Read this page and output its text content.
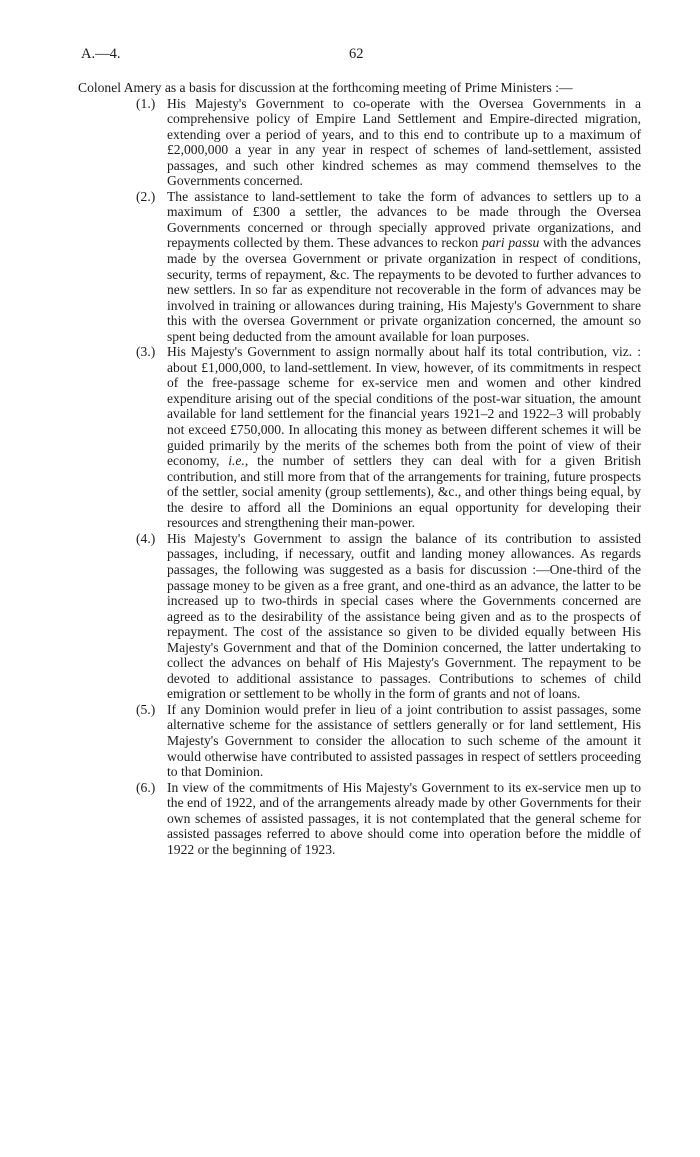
A.—4.	62

Colonel Amery as a basis for discussion at the forthcoming meeting of Prime Ministers :—

(1.) His Majesty's Government to co-operate with the Oversea Governments in a comprehensive policy of Empire Land Settlement and Empire-directed migration, extending over a period of years, and to this end to contribute up to a maximum of £2,000,000 a year in any year in respect of schemes of land-settlement, assisted passages, and such other kindred schemes as may commend themselves to the Governments concerned.
(2.) The assistance to land-settlement to take the form of advances to settlers up to a maximum of £300 a settler, the advances to be made through the Oversea Governments concerned or through specially approved private organizations, and repayments collected by them. These advances to reckon pari passu with the advances made by the oversea Government or private organization in respect of conditions, security, terms of repayment, &c. The repayments to be devoted to further advances to new settlers. In so far as expenditure not recoverable in the form of advances may be involved in training or allowances during training, His Majesty's Government to share this with the oversea Government or private organization concerned, the amount so spent being deducted from the amount available for loan purposes.
(3.) His Majesty's Government to assign normally about half its total contribution, viz. : about £1,000,000, to land-settlement. In view, however, of its commitments in respect of the free-passage scheme for ex-service men and women and other kindred expenditure arising out of the special conditions of the post-war situation, the amount available for land settlement for the financial years 1921–2 and 1922–3 will probably not exceed £750,000. In allocating this money as between different schemes it will be guided primarily by the merits of the schemes both from the point of view of their economy, i.e., the number of settlers they can deal with for a given British contribution, and still more from that of the arrangements for training, future prospects of the settler, social amenity (group settlements), &c., and other things being equal, by the desire to afford all the Dominions an equal opportunity for developing their resources and strengthening their man-power.
(4.) His Majesty's Government to assign the balance of its contribution to assisted passages, including, if necessary, outfit and landing money allowances. As regards passages, the following was suggested as a basis for discussion :—One-third of the passage money to be given as a free grant, and one-third as an advance, the latter to be increased up to two-thirds in special cases where the Governments concerned are agreed as to the desirability of the assistance being given and as to the prospects of repayment. The cost of the assistance so given to be divided equally between His Majesty's Government and that of the Dominion concerned, the latter undertaking to collect the advances on behalf of His Majesty's Government. The repayment to be devoted to additional assistance to passages. Contributions to schemes of child emigration or settlement to be wholly in the form of grants and not of loans.
(5.) If any Dominion would prefer in lieu of a joint contribution to assist passages, some alternative scheme for the assistance of settlers generally or for land settlement, His Majesty's Government to consider the allocation to such scheme of the amount it would otherwise have contributed to assisted passages in respect of settlers proceeding to that Dominion.
(6.) In view of the commitments of His Majesty's Government to its ex-service men up to the end of 1922, and of the arrangements already made by other Governments for their own schemes of assisted passages, it is not contemplated that the general scheme for assisted passages referred to above should come into operation before the middle of 1922 or the beginning of 1923.
